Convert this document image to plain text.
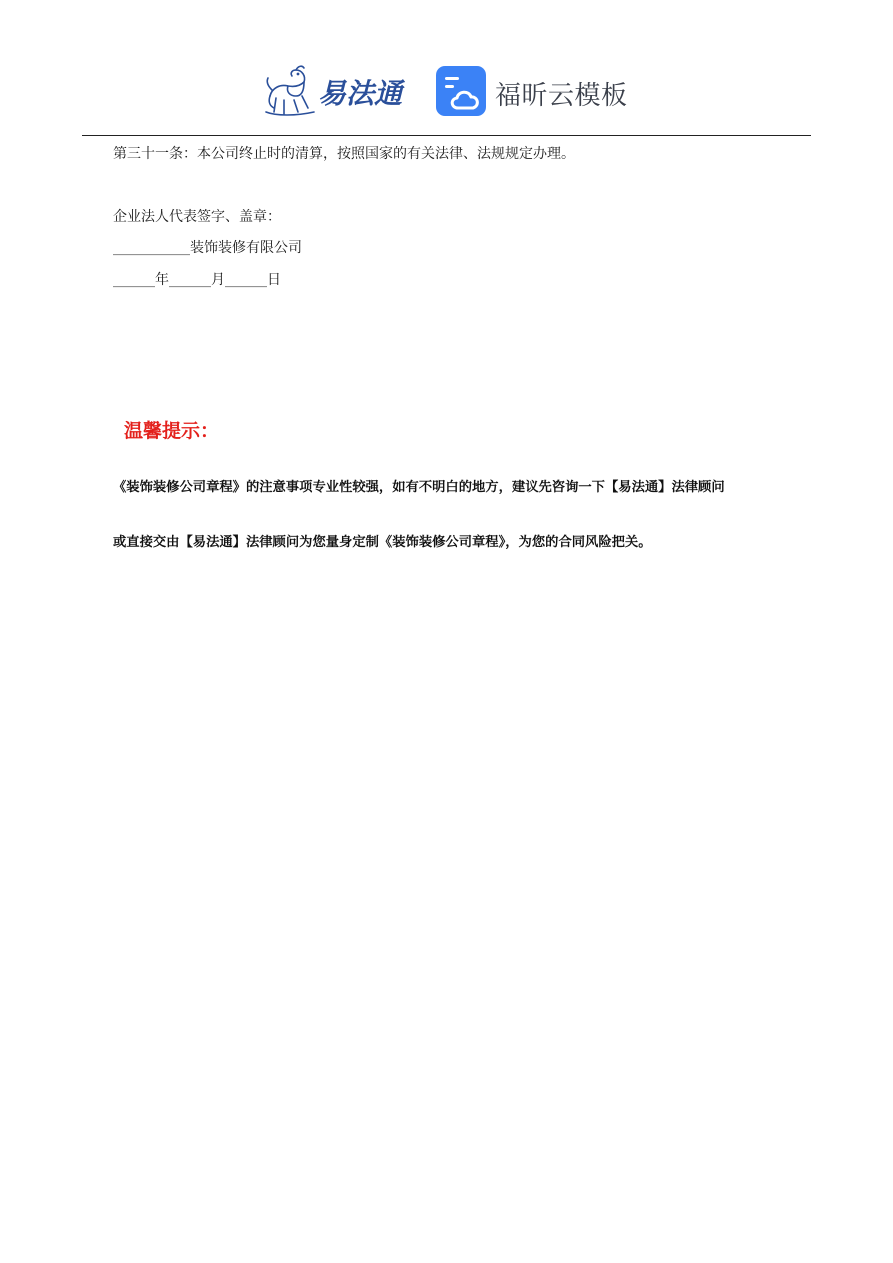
易法通	福昕云模板
第三十一条：本公司终止时的清算，按照国家的有关法律、法规规定办理。
企业法人代表签字、盖章：
___________装饰装修有限公司
______年______月______日
温馨提示：
《装饰装修公司章程》的注意事项专业性较强，如有不明白的地方，建议先咨询一下【易法通】法律顾问
或直接交由【易法通】法律顾问为您量身定制《装饰装修公司章程》，为您的合同风险把关。
